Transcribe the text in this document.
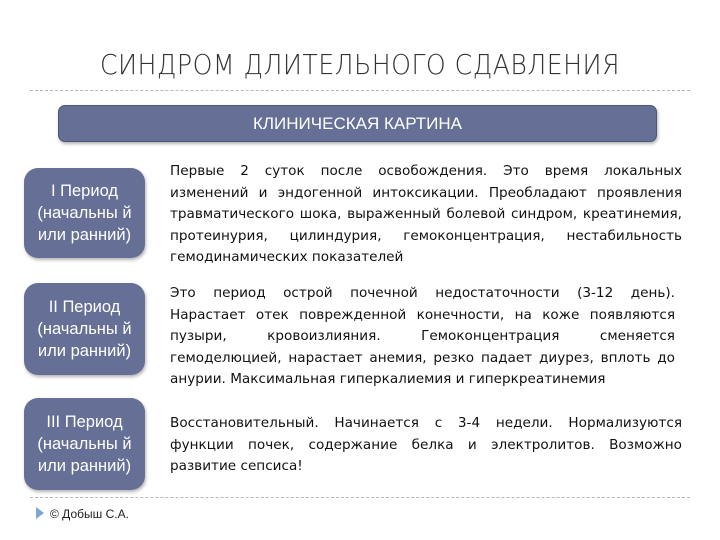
СИНДРОМ ДЛИТЕЛЬНОГО СДАВЛЕНИЯ
КЛИНИЧЕСКАЯ КАРТИНА
I Период (начальны й или ранний)
Первые 2 суток после освобождения. Это время локальных изменений и эндогенной интоксикации. Преобладают проявления травматического шока, выраженный болевой синдром, креатинемия, протеинурия, цилиндурия, гемоконцентрация, нестабильность гемодинамических показателей
II Период (начальны й или ранний)
Это период острой почечной недостаточности (3-12 день). Нарастает отек поврежденной конечности, на коже появляются пузыри, кровоизлияния. Гемоконцентрация сменяется гемоделюцией, нарастает анемия, резко падает диурез, вплоть до анурии. Максимальная гиперкалиемия и гиперкреатинемия
III Период (начальны й или ранний)
Восстановительный. Начинается с 3-4 недели. Нормализуются функции почек, содержание белка и электролитов. Возможно развитие сепсиса!
© Добыш С.А.
